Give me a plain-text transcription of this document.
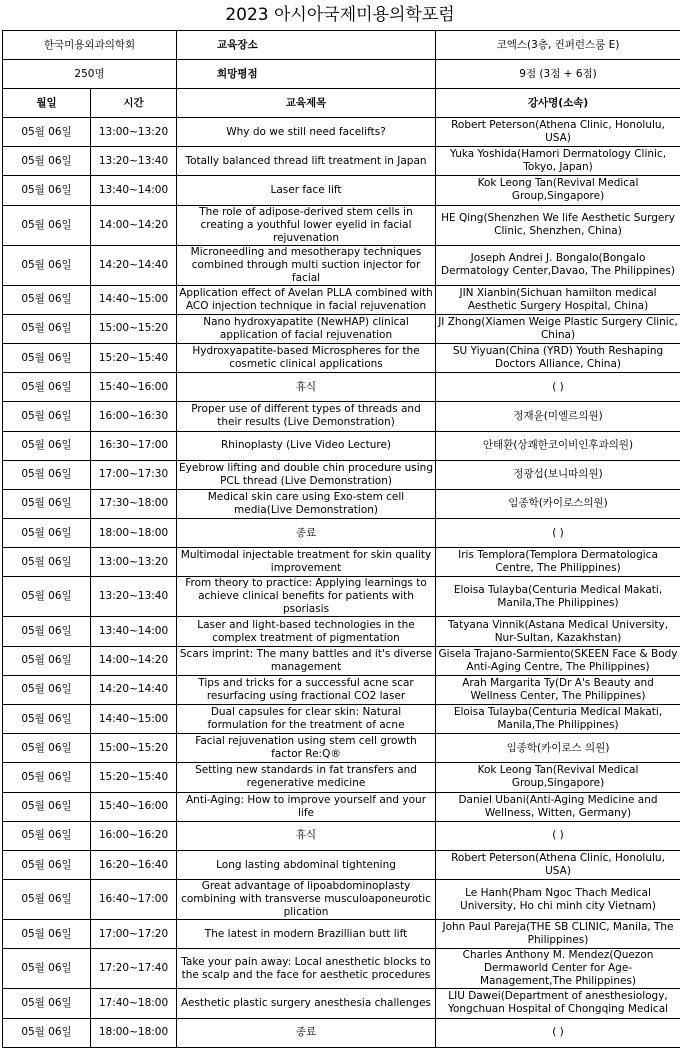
2023 아시아국제미용의학포럼
한국미용외과의학회		교육장소	코엑스(3층, 컨퍼런스룸 E)
250명		희망평점	9점 (3점 + 6점)
월일	시간	교육제목	강사명(소속)
05월 06일	13:00~13:20	Why do we still need facelifts?	Robert Peterson(Athena Clinic, Honolulu, USA)
05월 06일	13:20~13:40	Totally balanced thread lift treatment in Japan	Yuka Yoshida(Hamori Dermatology Clinic, Tokyo, Japan)
05월 06일	13:40~14:00	Laser face lift	Kok Leong Tan(Revival Medical Group,Singapore)
05월 06일	14:00~14:20	The role of adipose-derived stem cells in creating a youthful lower eyelid in facial rejuvenation	HE Qing(Shenzhen We life Aesthetic Surgery Clinic, Shenzhen, China)
05월 06일	14:20~14:40	Microneedling and mesotherapy techniques combined through multi suction injector for facial	Joseph Andrei J. Bongalo(Bongalo Dermatology Center,Davao, The Philippines)
05월 06일	14:40~15:00	Application effect of Avelan PLLA combined with ACO injection technique in facial rejuvenation	JIN Xianbin(Sichuan hamilton medical Aesthetic Surgery Hospital, China)
05월 06일	15:00~15:20	Nano hydroxyapatite (NewHAP) clinical application of facial rejuvenation	JI Zhong(Xiamen Weige Plastic Surgery Clinic, China)
05월 06일	15:20~15:40	Hydroxyapatite-based Microspheres for the cosmetic clinical applications	SU Yiyuan(China (YRD) Youth Reshaping Doctors Alliance, China)
05월 06일	15:40~16:00	휴식	( )
05월 06일	16:00~16:30	Proper use of different types of threads and their results (Live Demonstration)	정재윤(미엘르의원)
05월 06일	16:30~17:00	Rhinoplasty (Live Video Lecture)	안태환(상쾌한코이비인후과의원)
05월 06일	17:00~17:30	Eyebrow lifting and double chin procedure using PCL thread (Live Demonstration)	정광섭(보니따의원)
05월 06일	17:30~18:00	Medical skin care using Exo-stem cell media(Live Demonstration)	임종학(카이로스의원)
05월 06일	18:00~18:00	종료	( )
05월 06일	13:00~13:20	Multimodal injectable treatment for skin quality improvement	Iris Templora(Templora Dermatologica Centre, The Philippines)
05월 06일	13:20~13:40	From theory to practice: Applying learnings to achieve clinical benefits for patients with psoriasis	Eloisa Tulayba(Centuria Medical Makati, Manila,The Philippines)
05월 06일	13:40~14:00	Laser and light-based technologies in the complex treatment of pigmentation	Tatyana Vinnik(Astana Medical University, Nur-Sultan, Kazakhstan)
05월 06일	14:00~14:20	Scars imprint: The many battles and it's diverse management	Gisela Trajano-Sarmiento(SKEEN Face & Body Anti-Aging Centre, The Philippines)
05월 06일	14:20~14:40	Tips and tricks for a successful acne scar resurfacing using fractional CO2 laser	Arah Margarita Ty(Dr A's Beauty and Wellness Center, The Philippines)
05월 06일	14:40~15:00	Dual capsules for clear skin: Natural formulation for the treatment of acne	Eloisa Tulayba(Centuria Medical Makati, Manila,The Philippines)
05월 06일	15:00~15:20	Facial rejuvenation using stem cell growth factor Re:Q®	임종학(카이로스 의원)
05월 06일	15:20~15:40	Setting new standards in fat transfers and regenerative medicine	Kok Leong Tan(Revival Medical Group,Singapore)
05월 06일	15:40~16:00	Anti-Aging: How to improve yourself and your life	Daniel Ubani(Anti-Aging Medicine and Wellness, Witten, Germany)
05월 06일	16:00~16:20	휴식	( )
05월 06일	16:20~16:40	Long lasting abdominal tightening	Robert Peterson(Athena Clinic, Honolulu, USA)
05월 06일	16:40~17:00	Great advantage of lipoabdominoplasty combining with transverse musculoaponeurotic plication	Le Hanh(Pham Ngoc Thach Medical University, Ho chi minh city Vietnam)
05월 06일	17:00~17:20	The latest in modern Brazillian butt lift	John Paul Pareja(THE SB CLINIC, Manila, The Philippines)
05월 06일	17:20~17:40	Take your pain away: Local anesthetic blocks to the scalp and the face for aesthetic procedures	Charles Anthony M. Mendez(Quezon Dermaworld Center for Age-Management,The Philippines)
05월 06일	17:40~18:00	Aesthetic plastic surgery anesthesia challenges	LIU Dawei(Department of anesthesiology, Yongchuan Hospital of Chongqing Medical
05월 06일	18:00~18:00	종료	( )
